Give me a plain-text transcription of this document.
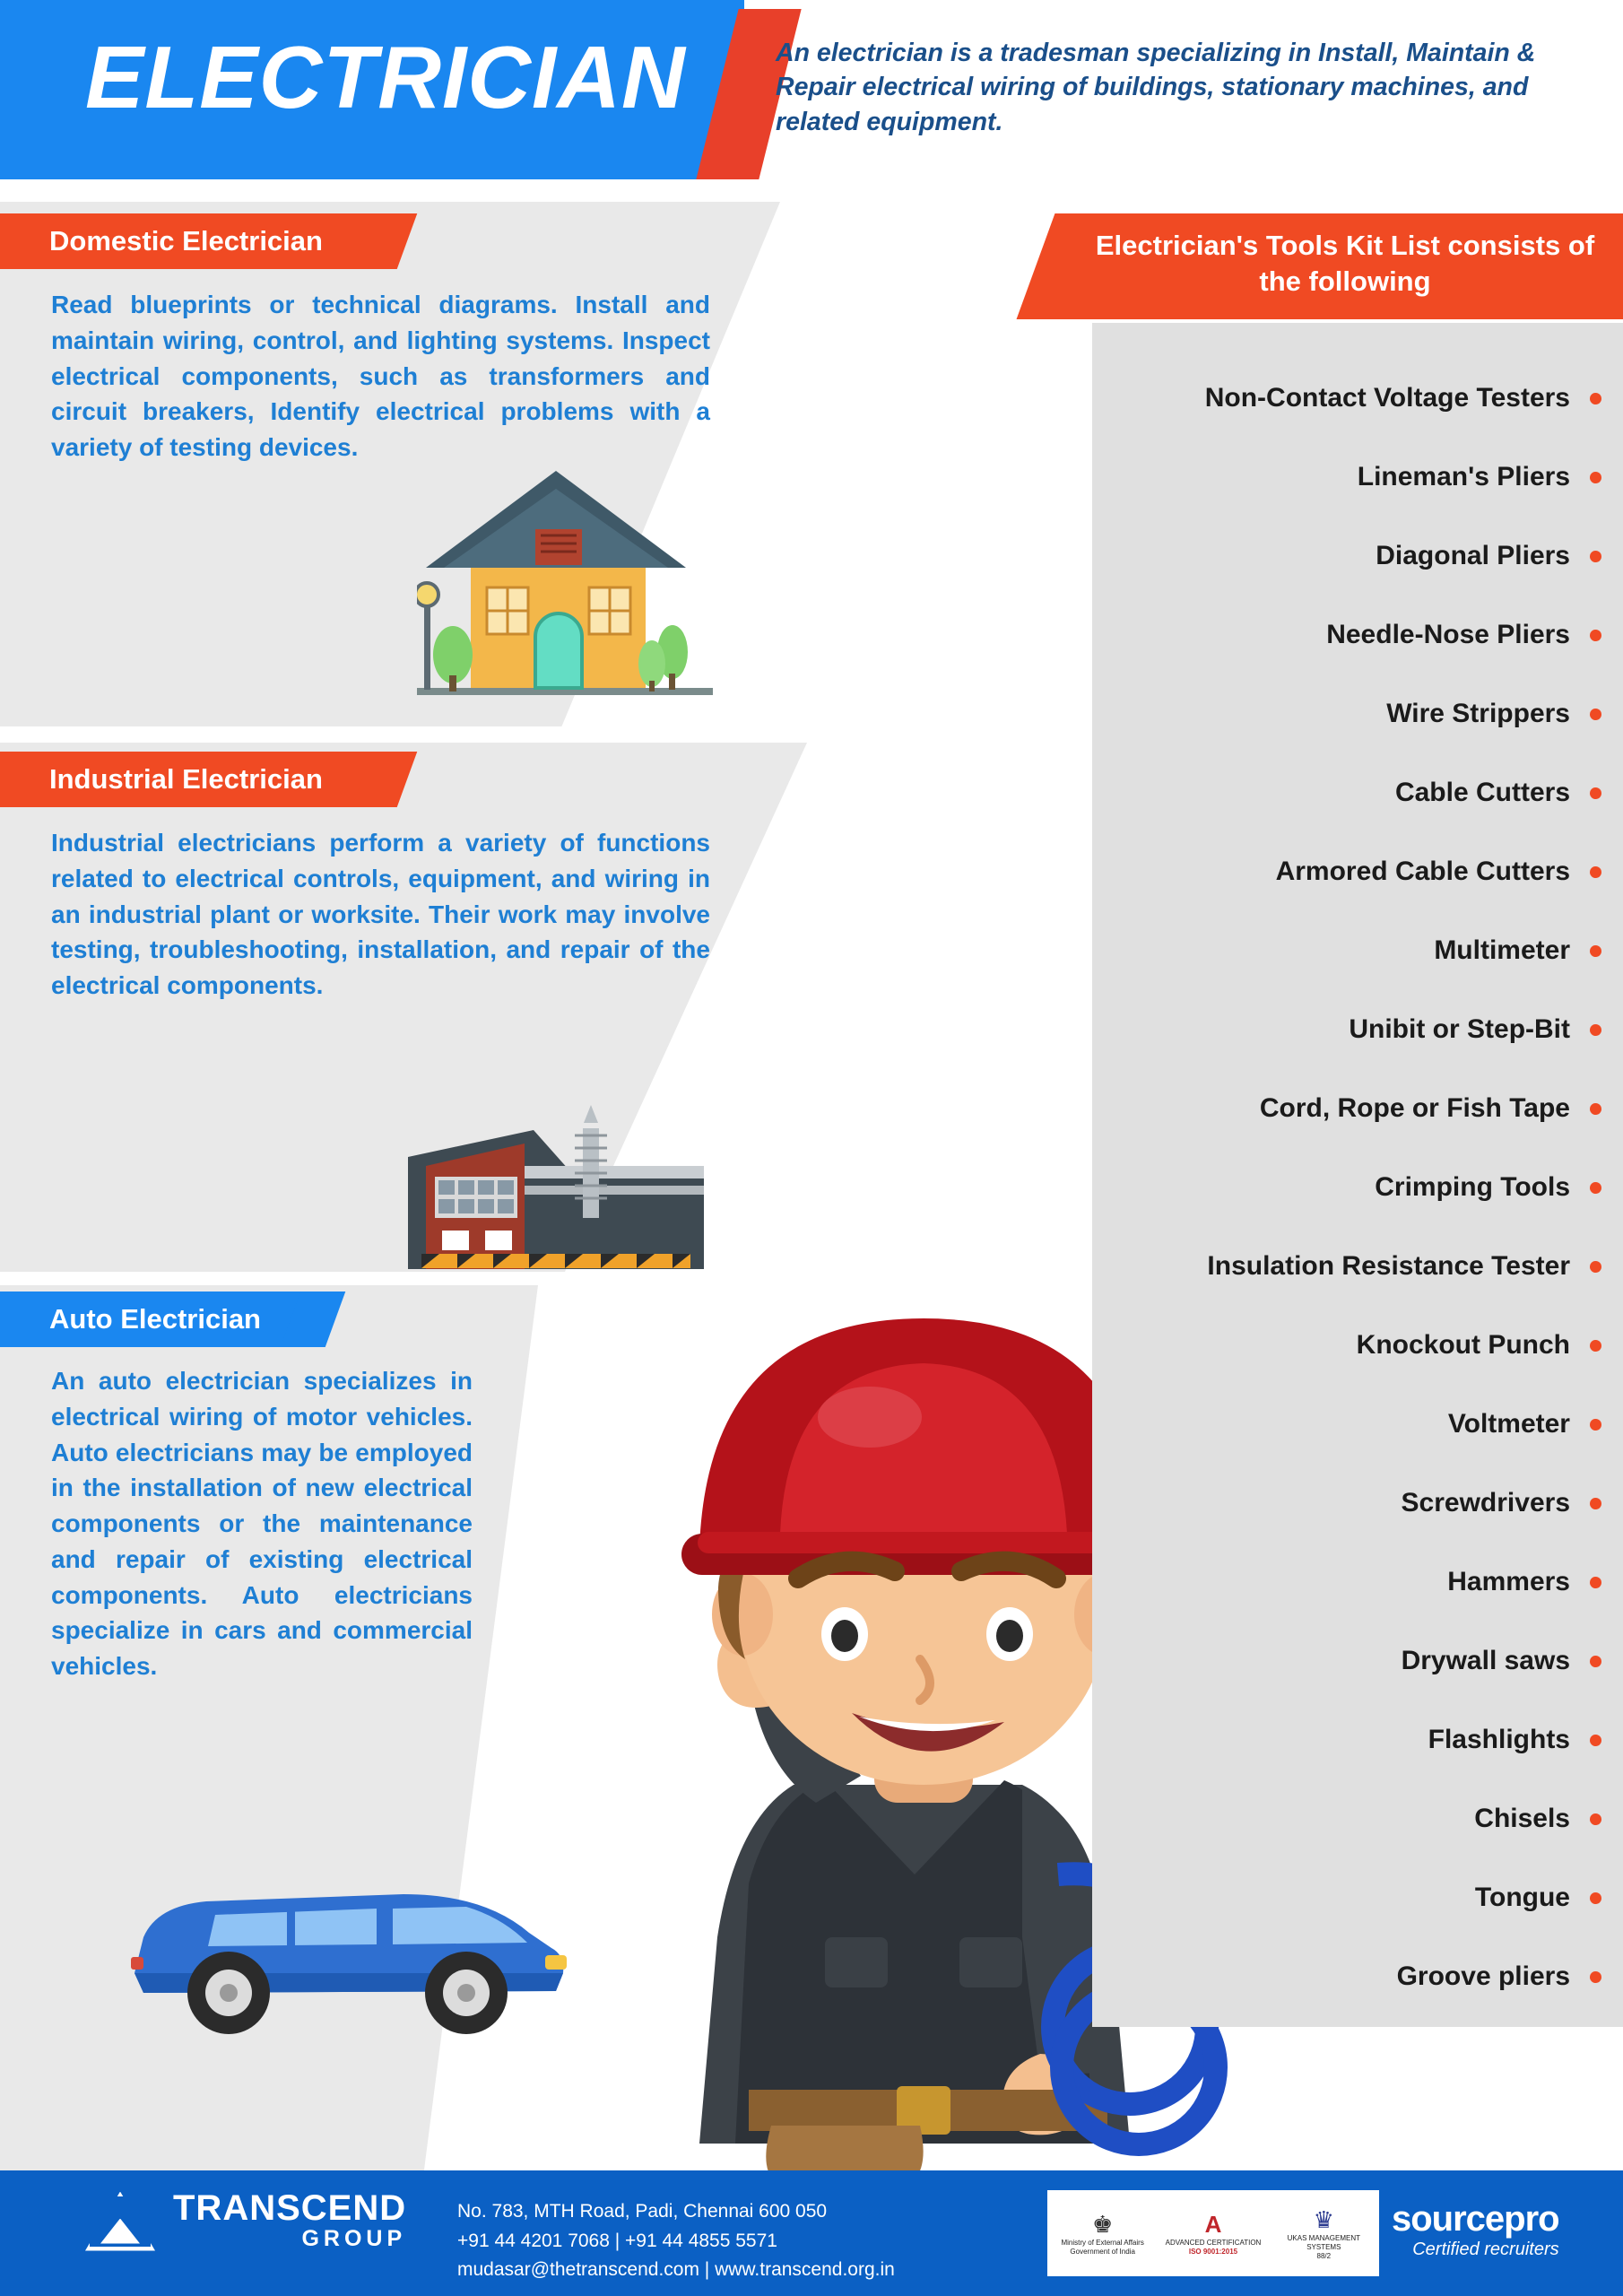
ELECTRICIAN	An electrician is a tradesman specializing in Install, Maintain & Repair electrical wiring of buildings, stationary machines, and related equipment.
Domestic Electrician
Read blueprints or technical diagrams. Install and maintain wiring, control, and lighting systems. Inspect electrical components, such as transformers and circuit breakers, Identify electrical problems with a variety of testing devices.
Industrial Electrician
Industrial electricians perform a variety of functions related to electrical controls, equipment, and wiring in an industrial plant or worksite. Their work may involve testing, troubleshooting, installation, and repair of the electrical components.
Auto Electrician
An auto electrician specializes in electrical wiring of motor vehicles. Auto electricians may be employed in the installation of new electrical components or the maintenance and repair of existing electrical components. Auto electricians specialize in cars and commercial vehicles.
Electrician's Tools Kit List consists of the following
Non-Contact Voltage Testers
Lineman's Pliers
Diagonal Pliers
Needle-Nose Pliers
Wire Strippers
Cable Cutters
Armored Cable Cutters
Multimeter
Unibit or Step-Bit
Cord, Rope or Fish Tape
Crimping Tools
Insulation Resistance Tester
Knockout Punch
Voltmeter
Screwdrivers
Hammers
Drywall saws
Flashlights
Chisels
Tongue
Groove pliers
TRANSCEND
GROUP
No. 783, MTH Road, Padi, Chennai 600 050
+91 44 4201 7068 | +91 44 4855 5571
mudasar@thetranscend.com | www.transcend.org.in
♚
Ministry of External Affairs
Government of India
A
ADVANCED CERTIFICATION
ISO 9001:2015
♛
UKAS MANAGEMENT SYSTEMS
88/2
sourcepro
Certified recruiters
